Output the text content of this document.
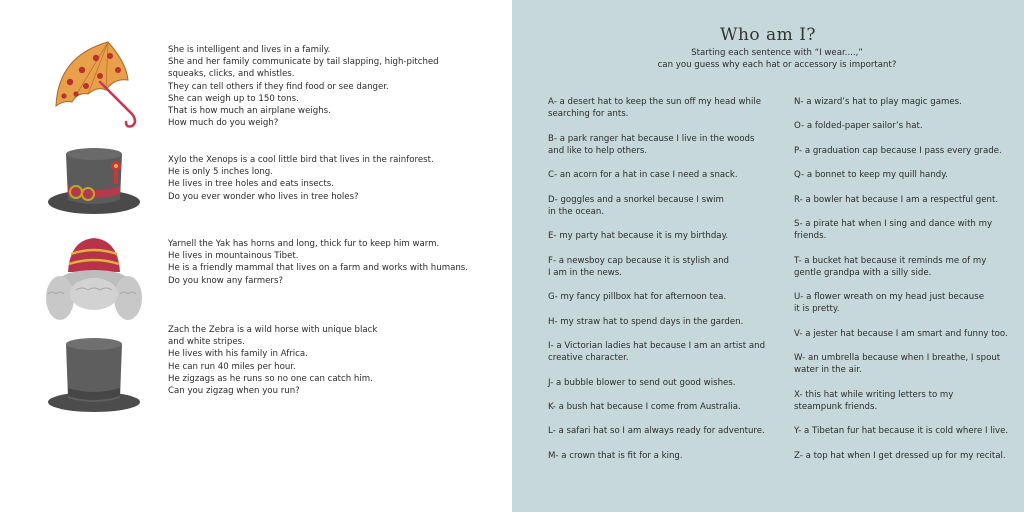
She is intelligent and lives in a family.
She and her family communicate by tail slapping, high-pitched
squeaks, clicks, and whistles.
They can tell others if they find food or see danger.
She can weigh up to 150 tons.
That is how much an airplane weighs.
How much do you weigh?
Xylo the Xenops is a cool little bird that lives in the rainforest.
He is only 5 inches long.
He lives in tree holes and eats insects.
Do you ever wonder who lives in tree holes?
Yarnell the Yak has horns and long, thick fur to keep him warm.
He lives in mountainous Tibet.
He is a friendly mammal that lives on a farm and works with humans.
Do you know any farmers?
Zach the Zebra is a wild horse with unique black
and white stripes.
He lives with his family in Africa.
He can run 40 miles per hour.
He zigzags as he runs so no one can catch him.
Can you zigzag when you run?
Who am I?
Starting each sentence with “I wear....,”
can you guess why each hat or accessory is important?
A- a desert hat to keep the sun off my head while
searching for ants.
B- a park ranger hat because I live in the woods
and like to help others.
C- an acorn for a hat in case I need a snack.
D- goggles and a snorkel because I swim
in the ocean.
E- my party hat because it is my birthday.
F- a newsboy cap because it is stylish and
I am in the news.
G- my fancy pillbox hat for afternoon tea.
H- my straw hat to spend days in the garden.
I- a Victorian ladies hat because I am an artist and
creative character.
J- a bubble blower to send out good wishes.
K- a bush hat because I come from Australia.
L- a safari hat so I am always ready for adventure.
M- a crown that is fit for a king.
N- a wizard’s hat to play magic games.
O- a folded-paper sailor’s hat.
P- a graduation cap because I pass every grade.
Q- a bonnet to keep my quill handy.
R- a bowler hat because I am a respectful gent.
S- a pirate hat when I sing and dance with my
friends.
T- a bucket hat because it reminds me of my
gentle grandpa with a silly side.
U- a flower wreath on my head just because
it is pretty.
V- a jester hat because I am smart and funny too.
W- an umbrella because when I breathe, I spout
water in the air.
X- this hat while writing letters to my
steampunk friends.
Y- a Tibetan fur hat because it is cold where I live.
Z- a top hat when I get dressed up for my recital.
